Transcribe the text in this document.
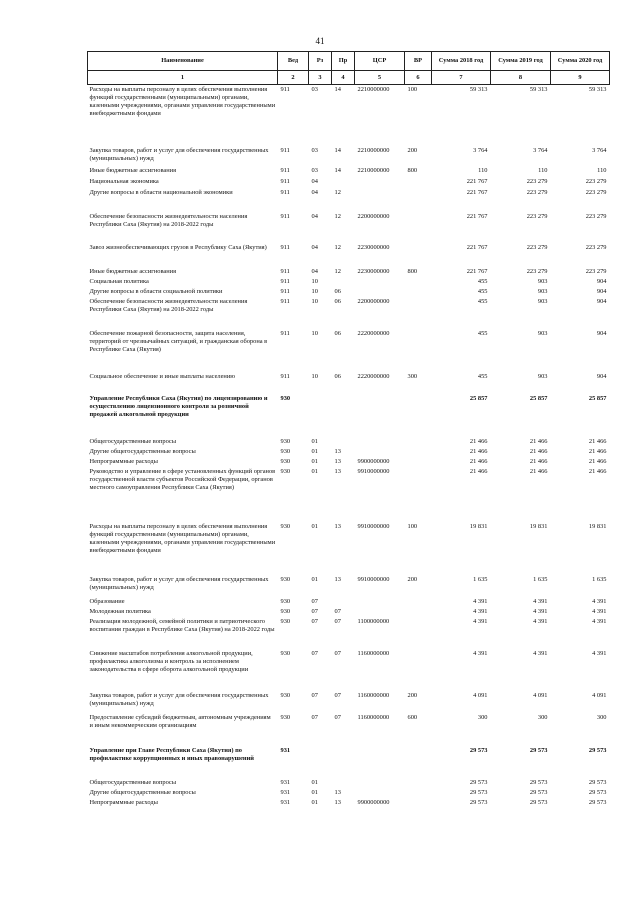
41
Наименование	Вед	Рз	Пр	ЦСР	ВР	Сумма 2018 год	Сумма 2019 год	Сумма 2020 год
1	2	3	4	5	6	7	8	9
Расходы на выплаты персоналу в целях обеспечения выполнения функций государственными (муниципальными) органами, казенными учреждениями, органами управления государственными внебюджетными фондами	911	03	14	2210000000	100	59 313	59 313	59 313
Закупка товаров, работ и услуг для обеспечения государственных (муниципальных) нужд	911	03	14	2210000000	200	3 764	3 764	3 764
Иные бюджетные ассигнования	911	03	14	2210000000	800	110	110	110
Национальная экономика	911	04				221 767	223 279	223 279
Другие вопросы в области национальной экономики	911	04	12			221 767	223 279	223 279
Обеспечение безопасности жизнедеятельности населения Республики Саха (Якутия) на 2018-2022 годы	911	04	12	2200000000		221 767	223 279	223 279
Завоз жизнеобеспечивающих грузов в Республику Саха (Якутия)	911	04	12	2230000000		221 767	223 279	223 279
Иные бюджетные ассигнования	911	04	12	2230000000	800	221 767	223 279	223 279
Социальная политика	911	10				455	903	904
Другие вопросы в области социальной политики	911	10	06			455	903	904
Обеспечение безопасности жизнедеятельности населения Республики Саха (Якутия) на 2018-2022 годы	911	10	06	2200000000		455	903	904
Обеспечение пожарной безопасности, защита населения, территорий от чрезвычайных ситуаций, и гражданская оборона в Республике Саха (Якутия)	911	10	06	2220000000		455	903	904
Социальное обеспечение и иные выплаты населению	911	10	06	2220000000	300	455	903	904
Управление Республики Саха (Якутия) по лицензированию и осуществлению лицензионного контроля за розничной продажей алкогольной продукции	930					25 857	25 857	25 857
Общегосударственные вопросы	930	01				21 466	21 466	21 466
Другие общегосударственные вопросы	930	01	13			21 466	21 466	21 466
Непрограммные расходы	930	01	13	9900000000		21 466	21 466	21 466
Руководство и управление в сфере установленных функций органов государственной власти субъектов Российской Федерации, органов местного самоуправления Республики Саха (Якутия)	930	01	13	9910000000		21 466	21 466	21 466
Расходы на выплаты персоналу в целях обеспечения выполнения функций государственными (муниципальными) органами, казенными учреждениями, органами управления государственными внебюджетными фондами	930	01	13	9910000000	100	19 831	19 831	19 831
Закупка товаров, работ и услуг для обеспечения государственных (муниципальных) нужд	930	01	13	9910000000	200	1 635	1 635	1 635
Образование	930	07				4 391	4 391	4 391
Молодежная политика	930	07	07			4 391	4 391	4 391
Реализация молодежной, семейной политики и патриотического воспитания граждан в Республике Саха (Якутия) на 2018-2022 годы	930	07	07	1100000000		4 391	4 391	4 391
Снижение масштабов потребления алкогольной продукции, профилактика алкоголизма и контроль за исполнением законодательства в сфере оборота алкогольной продукции	930	07	07	1160000000		4 391	4 391	4 391
Закупка товаров, работ и услуг для обеспечения государственных (муниципальных) нужд	930	07	07	1160000000	200	4 091	4 091	4 091
Предоставление субсидий бюджетным, автономным учреждениям и иным некоммерческим организациям	930	07	07	1160000000	600	300	300	300
Управление при Главе Республики Саха (Якутия) по профилактике коррупционных и иных правонарушений	931					29 573	29 573	29 573
Общегосударственные вопросы	931	01				29 573	29 573	29 573
Другие общегосударственные вопросы	931	01	13			29 573	29 573	29 573
Непрограммные расходы	931	01	13	9900000000		29 573	29 573	29 573
